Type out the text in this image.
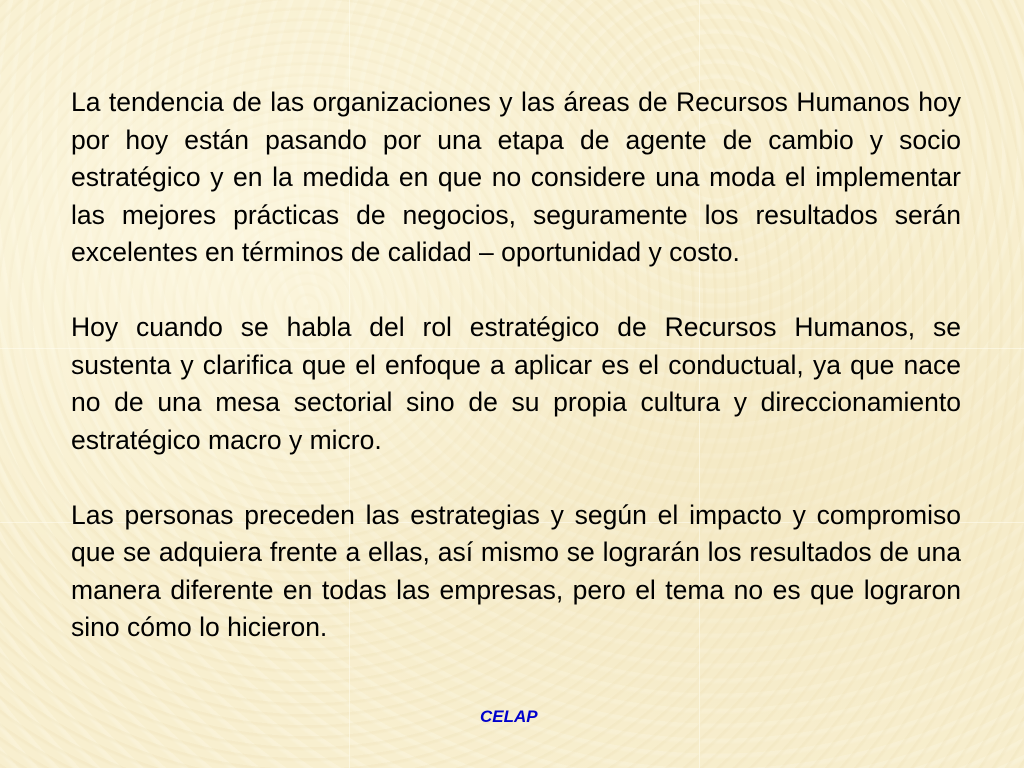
La tendencia de las organizaciones y las áreas de Recursos Humanos hoy por hoy están pasando por una etapa de agente de cambio y socio estratégico y en la medida en que no considere una moda el implementar las mejores prácticas de negocios, seguramente los resultados serán excelentes en términos de calidad – oportunidad y costo.

Hoy cuando se habla del rol estratégico de Recursos Humanos, se sustenta y clarifica que el enfoque a aplicar es el conductual, ya que nace no de una mesa sectorial sino de su propia cultura y direccionamiento estratégico macro y micro.

Las personas preceden las estrategias y según el impacto y compromiso que se adquiera frente a ellas, así mismo se lograrán los resultados de una manera diferente en todas las empresas, pero el tema no es que lograron sino cómo lo hicieron.

CELAP
